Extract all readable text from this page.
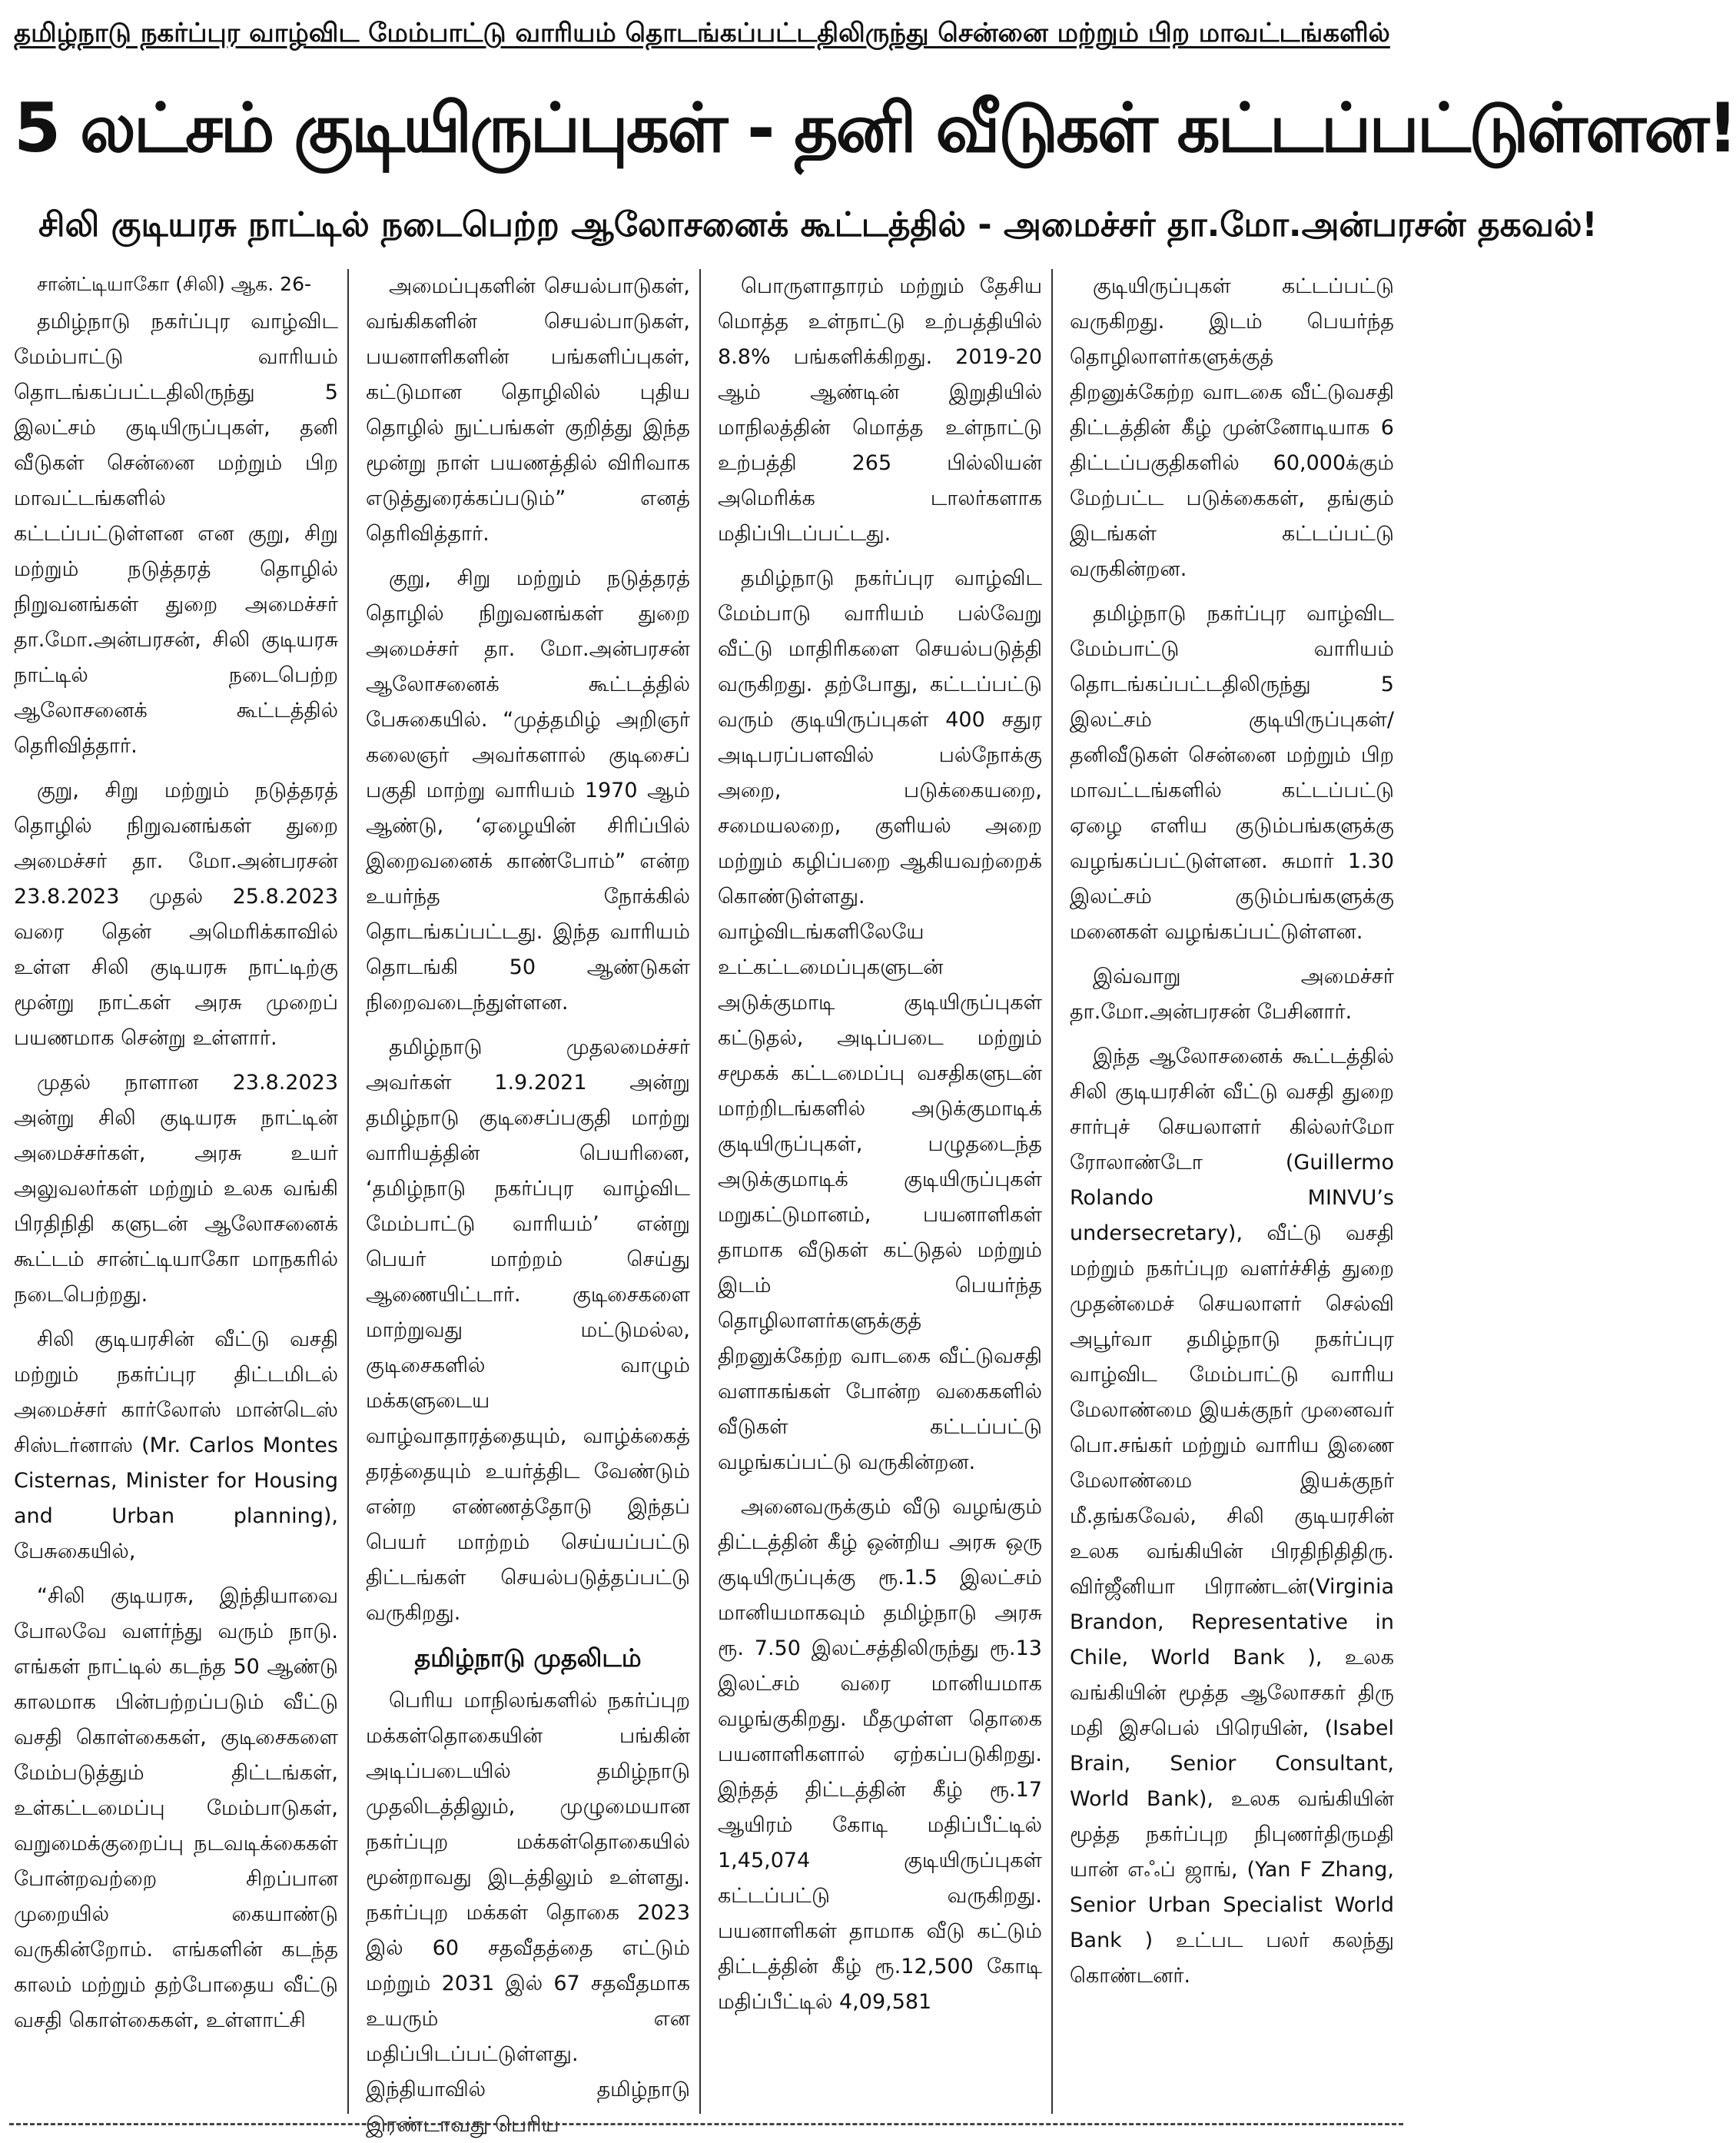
தமிழ்நாடு நகர்ப்புர வாழ்விட மேம்பாட்டு வாரியம் தொடங்கப்பட்டதிலிருந்து சென்னை மற்றும் பிற மாவட்டங்களில்
5 லட்சம் குடியிருப்புகள் - தனி வீடுகள் கட்டப்பட்டுள்ளன!
சிலி குடியரசு நாட்டில் நடைபெற்ற ஆலோசனைக் கூட்டத்தில் - அமைச்சர் தா.மோ.அன்பரசன் தகவல்!
சான்ட்டியாகோ (சிலி) ஆக. 26-

தமிழ்நாடு நகர்ப்புர வாழ்விட மேம்பாட்டு வாரியம் தொடங்கப்பட்டதிலிருந்து 5 இலட்சம் குடியிருப்புகள், தனி வீடுகள் சென்னை மற்றும் பிற மாவட்டங்களில் கட்டப்பட்டுள்ளன என குறு, சிறு மற்றும் நடுத்தரத் தொழில் நிறுவனங்கள் துறை அமைச்சர் தா.மோ.அன்பரசன், சிலி குடியரசு நாட்டில் நடைபெற்ற ஆலோசனைக் கூட்டத்தில் தெரிவித்தார்.

குறு, சிறு மற்றும் நடுத்தரத் தொழில் நிறுவனங்கள் துறை அமைச்சர் தா. மோ.அன்பரசன் 23.8.2023 முதல் 25.8.2023 வரை தென் அமெரிக்காவில் உள்ள சிலி குடியரசு நாட்டிற்கு மூன்று நாட்கள் அரசு முறைப் பயணமாக சென்று உள்ளார்.

முதல் நாளான 23.8.2023 அன்று சிலி குடியரசு நாட்டின் அமைச்சர்கள், அரசு உயர் அலுவலர்கள் மற்றும் உலக வங்கி பிரதிநிதி களுடன் ஆலோசனைக் கூட்டம் சான்ட்டியாகோ மாநகரில் நடைபெற்றது.

சிலி குடியரசின் வீட்டு வசதி மற்றும் நகர்ப்புர திட்டமிடல் அமைச்சர் கார்லோஸ் மான்டெஸ் சிஸ்டர்னாஸ் (Mr. Carlos Montes Cisternas, Minister for Housing and Urban planning), பேசுகையில்,

“சிலி குடியரசு, இந்தியாவை போலவே வளர்ந்து வரும் நாடு. எங்கள் நாட்டில் கடந்த 50 ஆண்டு காலமாக பின்பற்றப்படும் வீட்டு வசதி கொள்கைகள், குடிசைகளை மேம்படுத்தும் திட்டங்கள், உள்கட்டமைப்பு மேம்பாடுகள், வறுமைக்குறைப்பு நடவடிக்கைகள் போன்றவற்றை சிறப்பான முறையில் கையாண்டு வருகின்றோம். எங்களின் கடந்த காலம் மற்றும் தற்போதைய வீட்டு வசதி கொள்கைகள், உள்ளாட்சி

அமைப்புகளின் செயல்பாடுகள், வங்கிகளின் செயல்பாடுகள், பயனாளிகளின் பங்களிப்புகள், கட்டுமான தொழிலில் புதிய தொழில் நுட்பங்கள் குறித்து இந்த மூன்று நாள் பயணத்தில் விரிவாக எடுத்துரைக்கப்படும்” எனத் தெரிவித்தார்.

குறு, சிறு மற்றும் நடுத்தரத் தொழில் நிறுவனங்கள் துறை அமைச்சர் தா. மோ.அன்பரசன் ஆலோசனைக் கூட்டத்தில் பேசுகையில். “முத்தமிழ் அறிஞர் கலைஞர் அவர்களால் குடிசைப் பகுதி மாற்று வாரியம் 1970 ஆம் ஆண்டு, ‘ஏழையின் சிரிப்பில் இறைவனைக் காண்போம்” என்ற உயர்ந்த நோக்கில் தொடங்கப்பட்டது. இந்த வாரியம் தொடங்கி 50 ஆண்டுகள் நிறைவடைந்துள்ளன.

தமிழ்நாடு முதலமைச்சர் அவர்கள் 1.9.2021 அன்று தமிழ்நாடு குடிசைப்பகுதி மாற்று வாரியத்தின் பெயரினை, ‘தமிழ்நாடு நகர்ப்புர வாழ்விட மேம்பாட்டு வாரியம்’ என்று பெயர் மாற்றம் செய்து ஆணையிட்டார். குடிசைகளை மாற்றுவது மட்டுமல்ல, குடிசைகளில் வாழும் மக்களுடைய வாழ்வாதாரத்தையும், வாழ்க்கைத் தரத்தையும் உயர்த்திட வேண்டும் என்ற எண்ணத்தோடு இந்தப் பெயர் மாற்றம் செய்யப்பட்டு திட்டங்கள் செயல்படுத்தப்பட்டு வருகிறது.

தமிழ்நாடு முதலிடம்

பெரிய மாநிலங்களில் நகர்ப்புற மக்கள்தொகையின் பங்கின் அடிப்படையில் தமிழ்நாடு முதலிடத்திலும், முழுமையான நகர்ப்புற மக்கள்தொகையில் மூன்றாவது இடத்திலும் உள்ளது. நகர்ப்புற மக்கள் தொகை 2023 இல் 60 சதவீதத்தை எட்டும் மற்றும் 2031 இல் 67 சதவீதமாக உயரும் என மதிப்பிடப்பட்டுள்ளது. இந்தியாவில் தமிழ்நாடு இரண்டாவது பெரிய

பொருளாதாரம் மற்றும் தேசிய மொத்த உள்நாட்டு உற்பத்தியில் 8.8% பங்களிக்கிறது. 2019-20 ஆம் ஆண்டின் இறுதியில் மாநிலத்தின் மொத்த உள்நாட்டு உற்பத்தி 265 பில்லியன் அமெரிக்க டாலர்களாக மதிப்பிடப்பட்டது.

தமிழ்நாடு நகர்ப்புர வாழ்விட மேம்பாடு வாரியம் பல்வேறு வீட்டு மாதிரிகளை செயல்படுத்தி வருகிறது. தற்போது, கட்டப்பட்டு வரும் குடியிருப்புகள் 400 சதுர அடிபரப்பளவில் பல்நோக்கு அறை, படுக்கையறை, சமையலறை, குளியல் அறை மற்றும் கழிப்பறை ஆகியவற்றைக் கொண்டுள்ளது. வாழ்விடங்களிலேயே உட்கட்டமைப்புகளுடன் அடுக்குமாடி குடியிருப்புகள் கட்டுதல், அடிப்படை மற்றும் சமூகக் கட்டமைப்பு வசதிகளுடன் மாற்றிடங்களில் அடுக்குமாடிக் குடியிருப்புகள், பழுதடைந்த அடுக்குமாடிக் குடியிருப்புகள் மறுகட்டுமானம், பயனாளிகள் தாமாக வீடுகள் கட்டுதல் மற்றும் இடம் பெயர்ந்த தொழிலாளர்களுக்குத் திறனுக்கேற்ற வாடகை வீட்டுவசதி வளாகங்கள் போன்ற வகைகளில் வீடுகள் கட்டப்பட்டு வழங்கப்பட்டு வருகின்றன.

அனைவருக்கும் வீடு வழங்கும் திட்டத்தின் கீழ் ஒன்றிய அரசு ஒரு குடியிருப்புக்கு ரூ.1.5 இலட்சம் மானியமாகவும் தமிழ்நாடு அரசு ரூ. 7.50 இலட்சத்திலிருந்து ரூ.13 இலட்சம் வரை மானியமாக வழங்குகிறது. மீதமுள்ள தொகை பயனாளிகளால் ஏற்கப்படுகிறது. இந்தத் திட்டத்தின் கீழ் ரூ.17 ஆயிரம் கோடி மதிப்பீட்டில் 1,45,074 குடியிருப்புகள் கட்டப்பட்டு வருகிறது. பயனாளிகள் தாமாக வீடு கட்டும் திட்டத்தின் கீழ் ரூ.12,500 கோடி மதிப்பீட்டில் 4,09,581

குடியிருப்புகள் கட்டப்பட்டு வருகிறது. இடம் பெயர்ந்த தொழிலாளர்களுக்குத் திறனுக்கேற்ற வாடகை வீட்டுவசதி திட்டத்தின் கீழ் முன்னோடியாக 6 திட்டப்பகுதிகளில் 60,000க்கும் மேற்பட்ட படுக்கைகள், தங்கும் இடங்கள் கட்டப்பட்டு வருகின்றன.

தமிழ்நாடு நகர்ப்புர வாழ்விட மேம்பாட்டு வாரியம் தொடங்கப்பட்டதிலிருந்து 5 இலட்சம் குடியிருப்புகள்/தனிவீடுகள் சென்னை மற்றும் பிற மாவட்டங்களில் கட்டப்பட்டு ஏழை எளிய குடும்பங்களுக்கு வழங்கப்பட்டுள்ளன. சுமார் 1.30 இலட்சம் குடும்பங்களுக்கு மனைகள் வழங்கப்பட்டுள்ளன.

இவ்வாறு அமைச்சர் தா.மோ.அன்பரசன் பேசினார்.

இந்த ஆலோசனைக் கூட்டத்தில் சிலி குடியரசின் வீட்டு வசதி துறை சார்புச் செயலாளர் கில்லர்மோ ரோலாண்டோ (Guillermo Rolando MINVU’s undersecretary), வீட்டு வசதி மற்றும் நகர்ப்புற வளர்ச்சித் துறை முதன்மைச் செயலாளர் செல்வி அபூர்வா தமிழ்நாடு நகர்ப்புர வாழ்விட மேம்பாட்டு வாரிய மேலாண்மை இயக்குநர் முனைவர் பொ.சங்கர் மற்றும் வாரிய இணை மேலாண்மை இயக்குநர் மீ.தங்கவேல், சிலி குடியரசின் உலக வங்கியின் பிரதிநிதிதிரு. விர்ஜீனியா பிராண்டன்(Virginia Brandon, Representative in Chile, World Bank ), உலக வங்கியின் மூத்த ஆலோசகர் திரு மதி இசபெல் பிரெயின், (Isabel Brain, Senior Consultant, World Bank), உலக வங்கியின் மூத்த நகர்ப்புற நிபுணர்திருமதி யான் எஃப் ஜாங், (Yan F Zhang, Senior Urban Specialist World Bank ) உட்பட பலர் கலந்து கொண்டனர்.
